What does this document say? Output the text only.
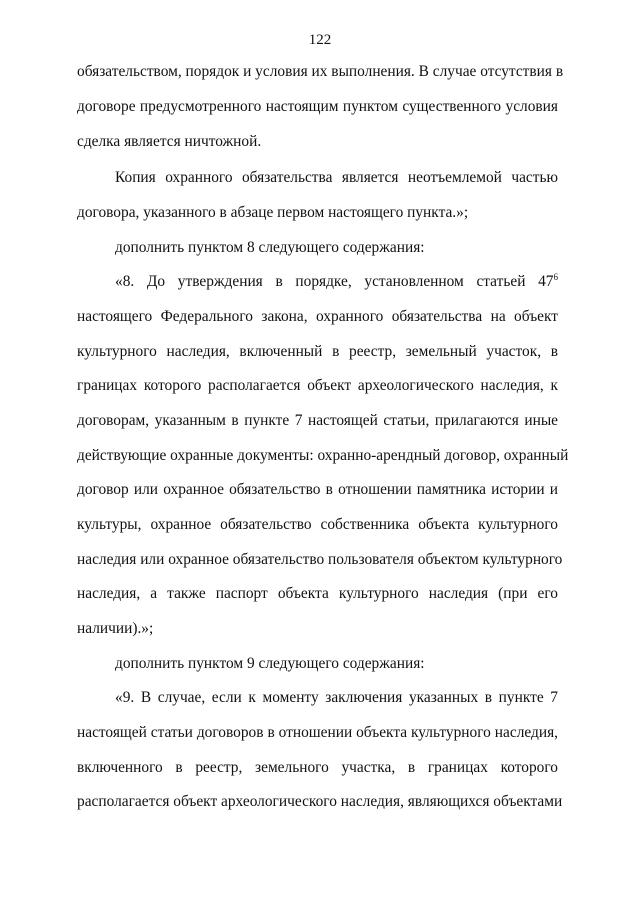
122
обязательством, порядок и условия их выполнения. В случае отсутствия в
договоре предусмотренного настоящим пунктом существенного условия
сделка является ничтожной.
Копия охранного обязательства является неотъемлемой частью
договора, указанного в абзаце первом настоящего пункта.»;
дополнить пунктом 8 следующего содержания:
«8. До утверждения в порядке, установленном статьей $47^6$
настоящего Федерального закона, охранного обязательства на объект
культурного наследия, включенный в реестр, земельный участок, в
границах которого располагается объект археологического наследия, к
договорам, указанным в пункте 7 настоящей статьи, прилагаются иные
действующие охранные документы: охранно-арендный договор, охранный
договор или охранное обязательство в отношении памятника истории и
культуры, охранное обязательство собственника объекта культурного
наследия или охранное обязательство пользователя объектом культурного
наследия, а также паспорт объекта культурного наследия (при его
наличии).»;
дополнить пунктом 9 следующего содержания:
«9. В случае, если к моменту заключения указанных в пункте 7
настоящей статьи договоров в отношении объекта культурного наследия,
включенного в реестр, земельного участка, в границах которого
располагается объект археологического наследия, являющихся объектами
